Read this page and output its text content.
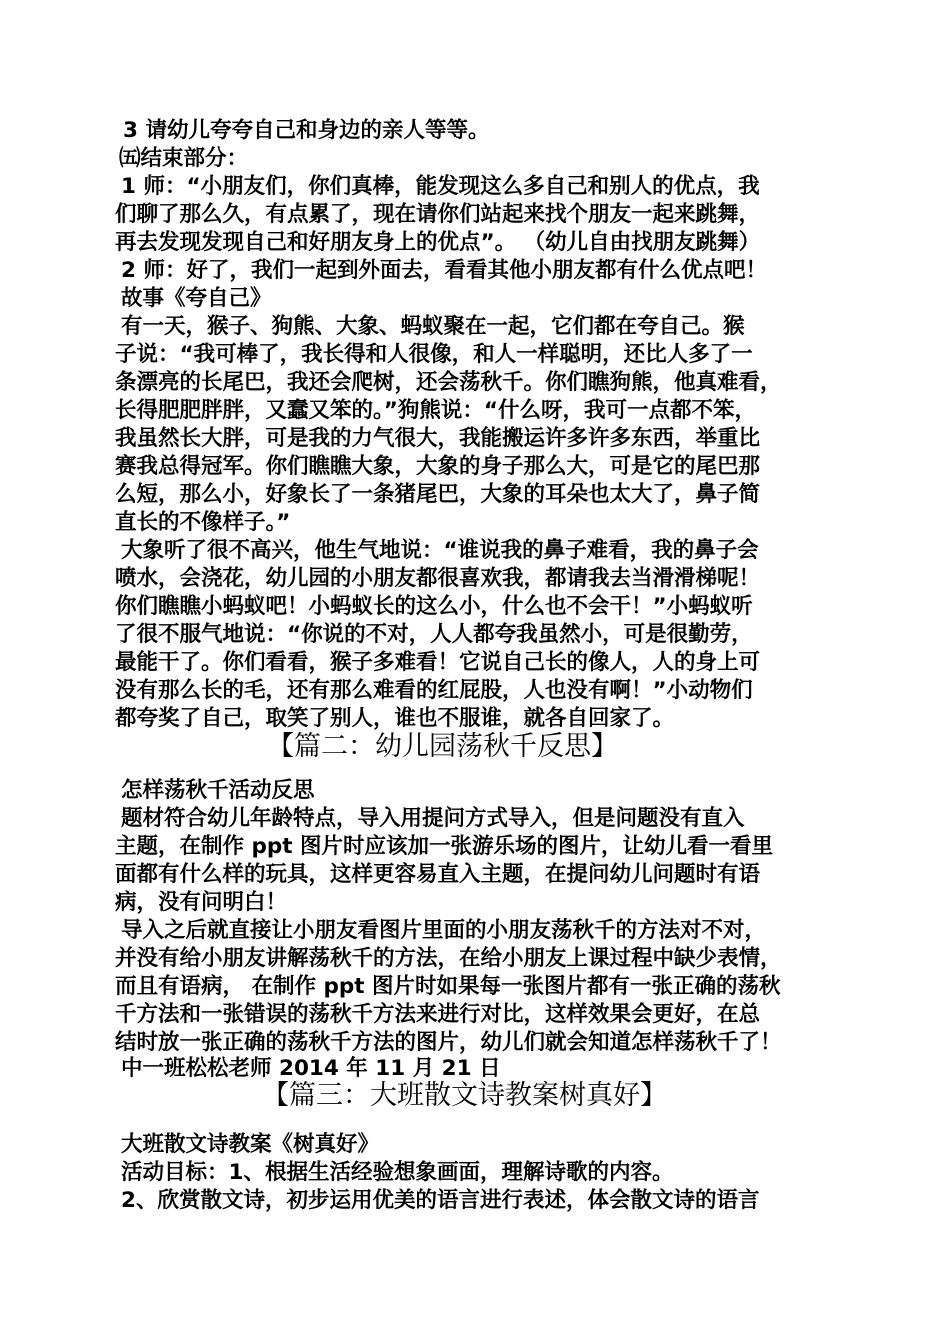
3 请幼儿夸夸自己和身边的亲人等等。
㈤结束部分：
1 师：“小朋友们，你们真棒，能发现这么多自己和别人的优点，我
们聊了那么久，有点累了，现在请你们站起来找个朋友一起来跳舞，
再去发现发现自己和好朋友身上的优点”。 （幼儿自由找朋友跳舞）
2 师：好了，我们一起到外面去，看看其他小朋友都有什么优点吧！
故事《夸自己》
有一天，猴子、狗熊、大象、蚂蚁聚在一起，它们都在夸自己。猴
子说：“我可棒了，我长得和人很像，和人一样聪明，还比人多了一
条漂亮的长尾巴，我还会爬树，还会荡秋千。你们瞧狗熊，他真难看，
长得肥肥胖胖，又蠢又笨的。”狗熊说：“什么呀，我可一点都不笨，
我虽然长大胖，可是我的力气很大，我能搬运许多许多东西，举重比
赛我总得冠军。你们瞧瞧大象，大象的身子那么大，可是它的尾巴那
么短，那么小，好象长了一条猪尾巴，大象的耳朵也太大了，鼻子简
直长的不像样子。”
大象听了很不高兴，他生气地说：“谁说我的鼻子难看，我的鼻子会
喷水，会浇花，幼儿园的小朋友都很喜欢我，都请我去当滑滑梯呢！
你们瞧瞧小蚂蚁吧！小蚂蚁长的这么小，什么也不会干！”小蚂蚁听
了很不服气地说：“你说的不对，人人都夸我虽然小，可是很勤劳，
最能干了。你们看看，猴子多难看！它说自己长的像人，人的身上可
没有那么长的毛，还有那么难看的红屁股，人也没有啊！”小动物们
都夸奖了自己，取笑了别人，谁也不服谁，就各自回家了。
【篇二：幼儿园荡秋千反思】
怎样荡秋千活动反思
题材符合幼儿年龄特点，导入用提问方式导入，但是问题没有直入
主题，在制作 ppt 图片时应该加一张游乐场的图片，让幼儿看一看里
面都有什么样的玩具，这样更容易直入主题，在提问幼儿问题时有语
病，没有问明白！
导入之后就直接让小朋友看图片里面的小朋友荡秋千的方法对不对，
并没有给小朋友讲解荡秋千的方法，在给小朋友上课过程中缺少表情，
而且有语病， 在制作 ppt 图片时如果每一张图片都有一张正确的荡秋
千方法和一张错误的荡秋千方法来进行对比，这样效果会更好，在总
结时放一张正确的荡秋千方法的图片，幼儿们就会知道怎样荡秋千了！
中一班松松老师 2014 年 11 月 21 日
【篇三：大班散文诗教案树真好】
大班散文诗教案《树真好》
活动目标：1、根据生活经验想象画面，理解诗歌的内容。
2、欣赏散文诗，初步运用优美的语言进行表述，体会散文诗的语言
